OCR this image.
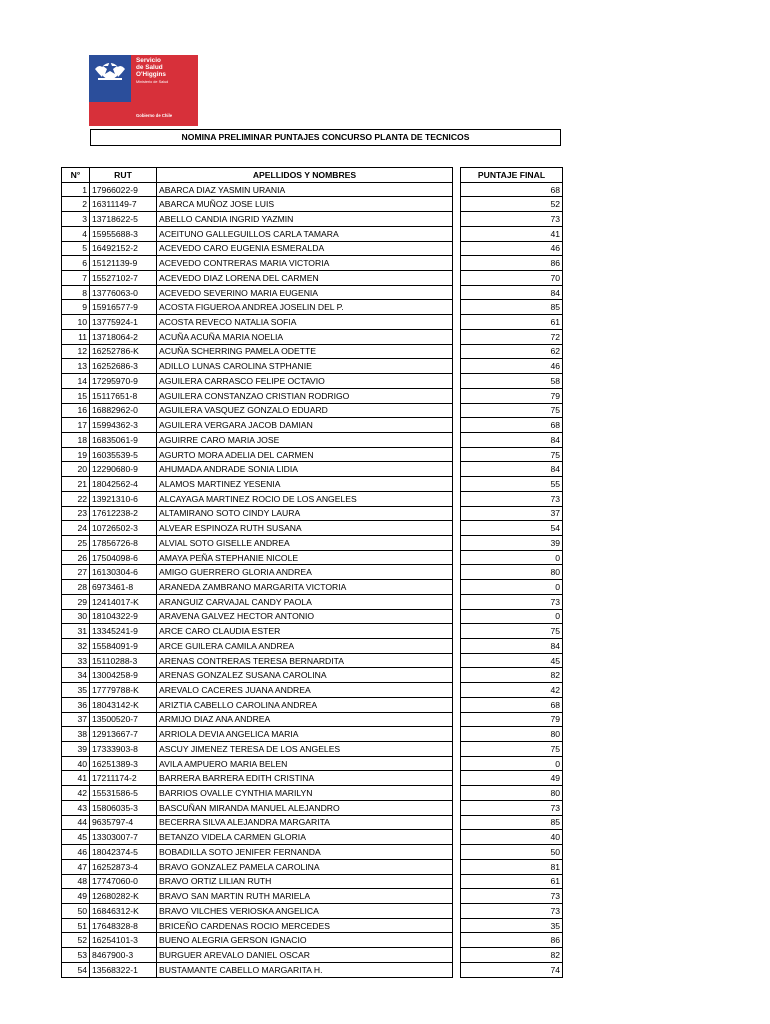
Servicio
de Salud
O'Higgins
Ministerio de Salud
Gobierno de Chile
NOMINA PRELIMINAR PUNTAJES CONCURSO PLANTA DE TECNICOS
N°	RUT	APELLIDOS Y NOMBRES		PUNTAJE FINAL
1	17966022-9	ABARCA DIAZ YASMIN URANIA		68
2	16311149-7	ABARCA MUÑOZ JOSE LUIS		52
3	13718622-5	ABELLO CANDIA INGRID YAZMIN		73
4	15955688-3	ACEITUNO GALLEGUILLOS CARLA TAMARA		41
5	16492152-2	ACEVEDO CARO EUGENIA ESMERALDA		46
6	15121139-9	ACEVEDO CONTRERAS MARIA VICTORIA		86
7	15527102-7	ACEVEDO DIAZ LORENA DEL CARMEN		70
8	13776063-0	ACEVEDO SEVERINO MARIA EUGENIA		84
9	15916577-9	ACOSTA FIGUEROA ANDREA JOSELIN DEL P.		85
10	13775924-1	ACOSTA REVECO NATALIA SOFIA		61
11	13718064-2	ACUÑA ACUÑA MARIA NOELIA		72
12	16252786-K	ACUÑA SCHERRING PAMELA ODETTE		62
13	16252686-3	ADILLO LUNAS CAROLINA STPHANIE		46
14	17295970-9	AGUILERA CARRASCO FELIPE OCTAVIO		58
15	15117651-8	AGUILERA CONSTANZAO CRISTIAN RODRIGO		79
16	16882962-0	AGUILERA VASQUEZ GONZALO EDUARD		75
17	15994362-3	AGUILERA VERGARA JACOB DAMIAN		68
18	16835061-9	AGUIRRE CARO MARIA JOSE		84
19	16035539-5	AGURTO MORA ADELIA DEL CARMEN		75
20	12290680-9	AHUMADA ANDRADE SONIA LIDIA		84
21	18042562-4	ALAMOS MARTINEZ YESENIA		55
22	13921310-6	ALCAYAGA MARTINEZ ROCIO DE LOS ANGELES		73
23	17612238-2	ALTAMIRANO SOTO CINDY LAURA		37
24	10726502-3	ALVEAR ESPINOZA RUTH SUSANA		54
25	17856726-8	ALVIAL SOTO GISELLE ANDREA		39
26	17504098-6	AMAYA PEÑA STEPHANIE NICOLE		0
27	16130304-6	AMIGO GUERRERO GLORIA ANDREA		80
28	6973461-8	ARANEDA ZAMBRANO MARGARITA VICTORIA		0
29	12414017-K	ARANGUIZ CARVAJAL CANDY PAOLA		73
30	18104322-9	ARAVENA GALVEZ HECTOR ANTONIO		0
31	13345241-9	ARCE CARO CLAUDIA ESTER		75
32	15584091-9	ARCE GUILERA CAMILA ANDREA		84
33	15110288-3	ARENAS CONTRERAS TERESA BERNARDITA		45
34	13004258-9	ARENAS GONZALEZ SUSANA CAROLINA		82
35	17779788-K	AREVALO CACERES JUANA ANDREA		42
36	18043142-K	ARIZTIA CABELLO CAROLINA ANDREA		68
37	13500520-7	ARMIJO DIAZ ANA ANDREA		79
38	12913667-7	ARRIOLA DEVIA ANGELICA MARIA		80
39	17333903-8	ASCUY JIMENEZ TERESA DE LOS ANGELES		75
40	16251389-3	AVILA AMPUERO MARIA BELEN		0
41	17211174-2	BARRERA BARRERA EDITH CRISTINA		49
42	15531586-5	BARRIOS OVALLE CYNTHIA MARILYN		80
43	15806035-3	BASCUÑAN MIRANDA MANUEL ALEJANDRO		73
44	9635797-4	BECERRA SILVA ALEJANDRA MARGARITA		85
45	13303007-7	BETANZO VIDELA CARMEN GLORIA		40
46	18042374-5	BOBADILLA SOTO JENIFER FERNANDA		50
47	16252873-4	BRAVO GONZALEZ PAMELA CAROLINA		81
48	17747060-0	BRAVO ORTIZ LILIAN RUTH		61
49	12680282-K	BRAVO SAN MARTIN RUTH MARIELA		73
50	16846312-K	BRAVO VILCHES VERIOSKA ANGELICA		73
51	17648328-8	BRICEÑO CARDENAS ROCIO MERCEDES		35
52	16254101-3	BUENO ALEGRIA GERSON IGNACIO		86
53	8467900-3	BURGUER AREVALO DANIEL OSCAR		82
54	13568322-1	BUSTAMANTE CABELLO MARGARITA H.		74
